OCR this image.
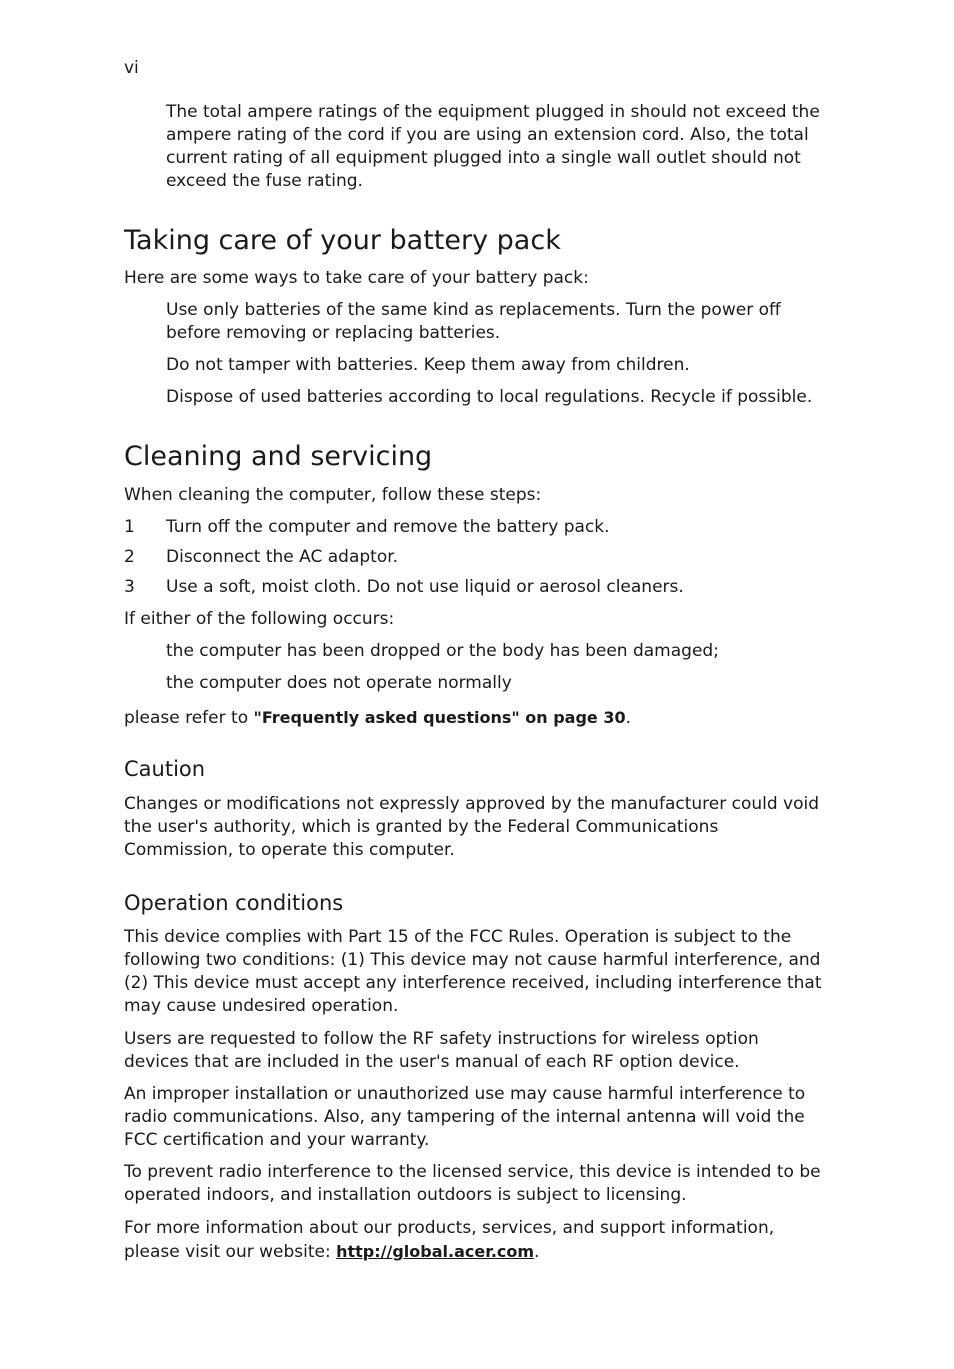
vi

The total ampere ratings of the equipment plugged in should not exceed the ampere rating of the cord if you are using an extension cord. Also, the total current rating of all equipment plugged into a single wall outlet should not exceed the fuse rating.

Taking care of your battery pack

Here are some ways to take care of your battery pack:

Use only batteries of the same kind as replacements. Turn the power off before removing or replacing batteries.

Do not tamper with batteries. Keep them away from children.

Dispose of used batteries according to local regulations. Recycle if possible.

Cleaning and servicing

When cleaning the computer, follow these steps:

1 Turn off the computer and remove the battery pack.

2 Disconnect the AC adaptor.

3 Use a soft, moist cloth. Do not use liquid or aerosol cleaners.

If either of the following occurs:

the computer has been dropped or the body has been damaged;

the computer does not operate normally

please refer to "Frequently asked questions" on page 30.

Caution

Changes or modifications not expressly approved by the manufacturer could void the user's authority, which is granted by the Federal Communications Commission, to operate this computer.

Operation conditions

This device complies with Part 15 of the FCC Rules. Operation is subject to the following two conditions: (1) This device may not cause harmful interference, and (2) This device must accept any interference received, including interference that may cause undesired operation.

Users are requested to follow the RF safety instructions for wireless option devices that are included in the user's manual of each RF option device.

An improper installation or unauthorized use may cause harmful interference to radio communications. Also, any tampering of the internal antenna will void the FCC certification and your warranty.

To prevent radio interference to the licensed service, this device is intended to be operated indoors, and installation outdoors is subject to licensing.

For more information about our products, services, and support information, please visit our website: http://global.acer.com.
